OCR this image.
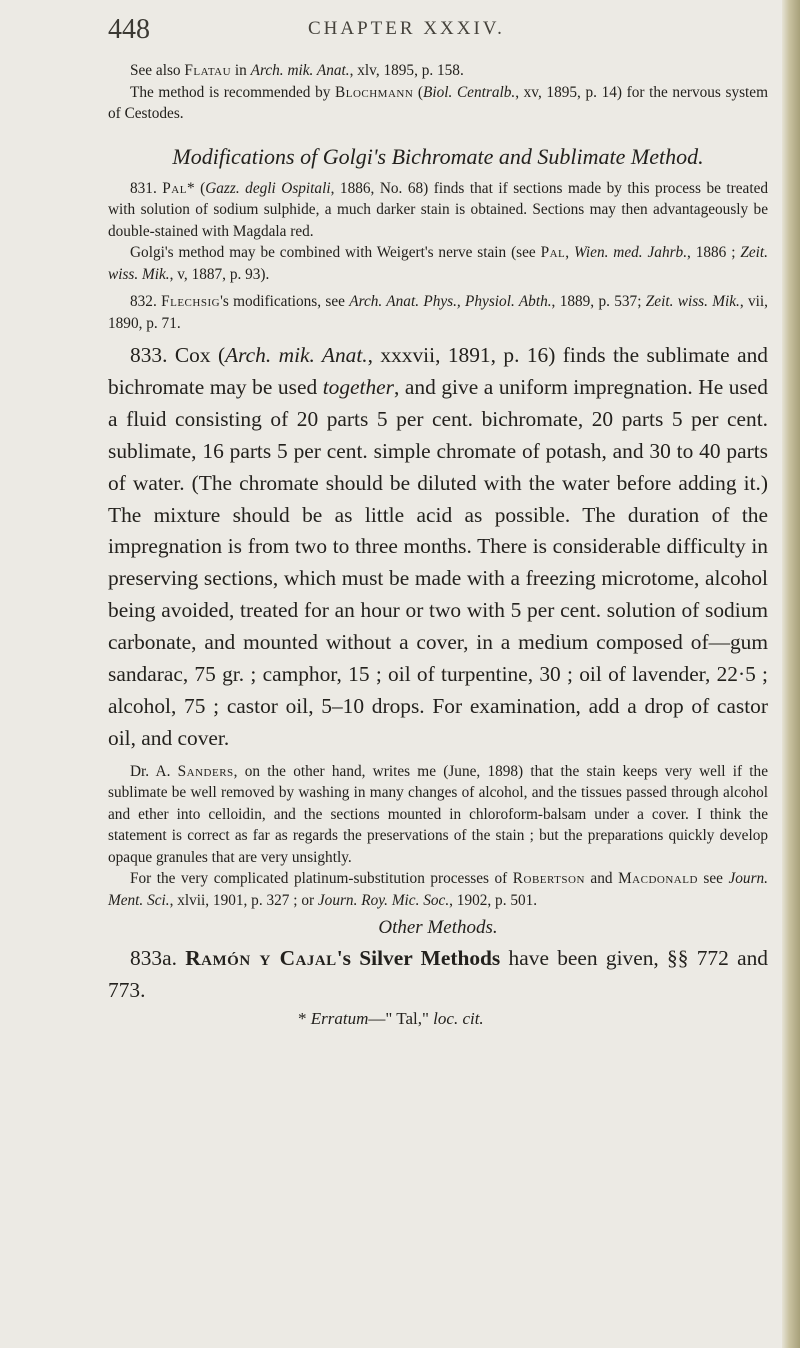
448	CHAPTER XXXIV.

See also Flatau in Arch. mik. Anat., xlv, 1895, p. 158.

The method is recommended by Blochmann (Biol. Centralb., xv, 1895, p. 14) for the nervous system of Cestodes.

Modifications of Golgi's Bichromate and Sublimate Method.

831. Pal* (Gazz. degli Ospitali, 1886, No. 68) finds that if sections made by this process be treated with solution of sodium sulphide, a much darker stain is obtained. Sections may then advantageously be double-stained with Magdala red.

Golgi's method may be combined with Weigert's nerve stain (see Pal, Wien. med. Jahrb., 1886 ; Zeit. wiss. Mik., v, 1887, p. 93).

832. Flechsig's modifications, see Arch. Anat. Phys., Physiol. Abth., 1889, p. 537; Zeit. wiss. Mik., vii, 1890, p. 71.

833. Cox (Arch. mik. Anat., xxxvii, 1891, p. 16) finds the sublimate and bichromate may be used together, and give a uniform impregnation. He used a fluid consisting of 20 parts 5 per cent. bichromate, 20 parts 5 per cent. sublimate, 16 parts 5 per cent. simple chromate of potash, and 30 to 40 parts of water. (The chromate should be diluted with the water before adding it.) The mixture should be as little acid as possible. The duration of the impregnation is from two to three months. There is considerable difficulty in preserving sections, which must be made with a freezing microtome, alcohol being avoided, treated for an hour or two with 5 per cent. solution of sodium carbonate, and mounted without a cover, in a medium composed of—gum sandarac, 75 gr. ; camphor, 15 ; oil of turpentine, 30 ; oil of lavender, 22·5 ; alcohol, 75 ; castor oil, 5–10 drops. For examination, add a drop of castor oil, and cover.

Dr. A. Sanders, on the other hand, writes me (June, 1898) that the stain keeps very well if the sublimate be well removed by washing in many changes of alcohol, and the tissues passed through alcohol and ether into celloidin, and the sections mounted in chloroform-balsam under a cover. I think the statement is correct as far as regards the preservations of the stain ; but the preparations quickly develop opaque granules that are very unsightly.

For the very complicated platinum-substitution processes of Robertson and Macdonald see Journ. Ment. Sci., xlvii, 1901, p. 327 ; or Journ. Roy. Mic. Soc., 1902, p. 501.

Other Methods.

833a. Ramón y Cajal's Silver Methods have been given, §§ 772 and 773.

* Erratum—" Tal," loc. cit.
